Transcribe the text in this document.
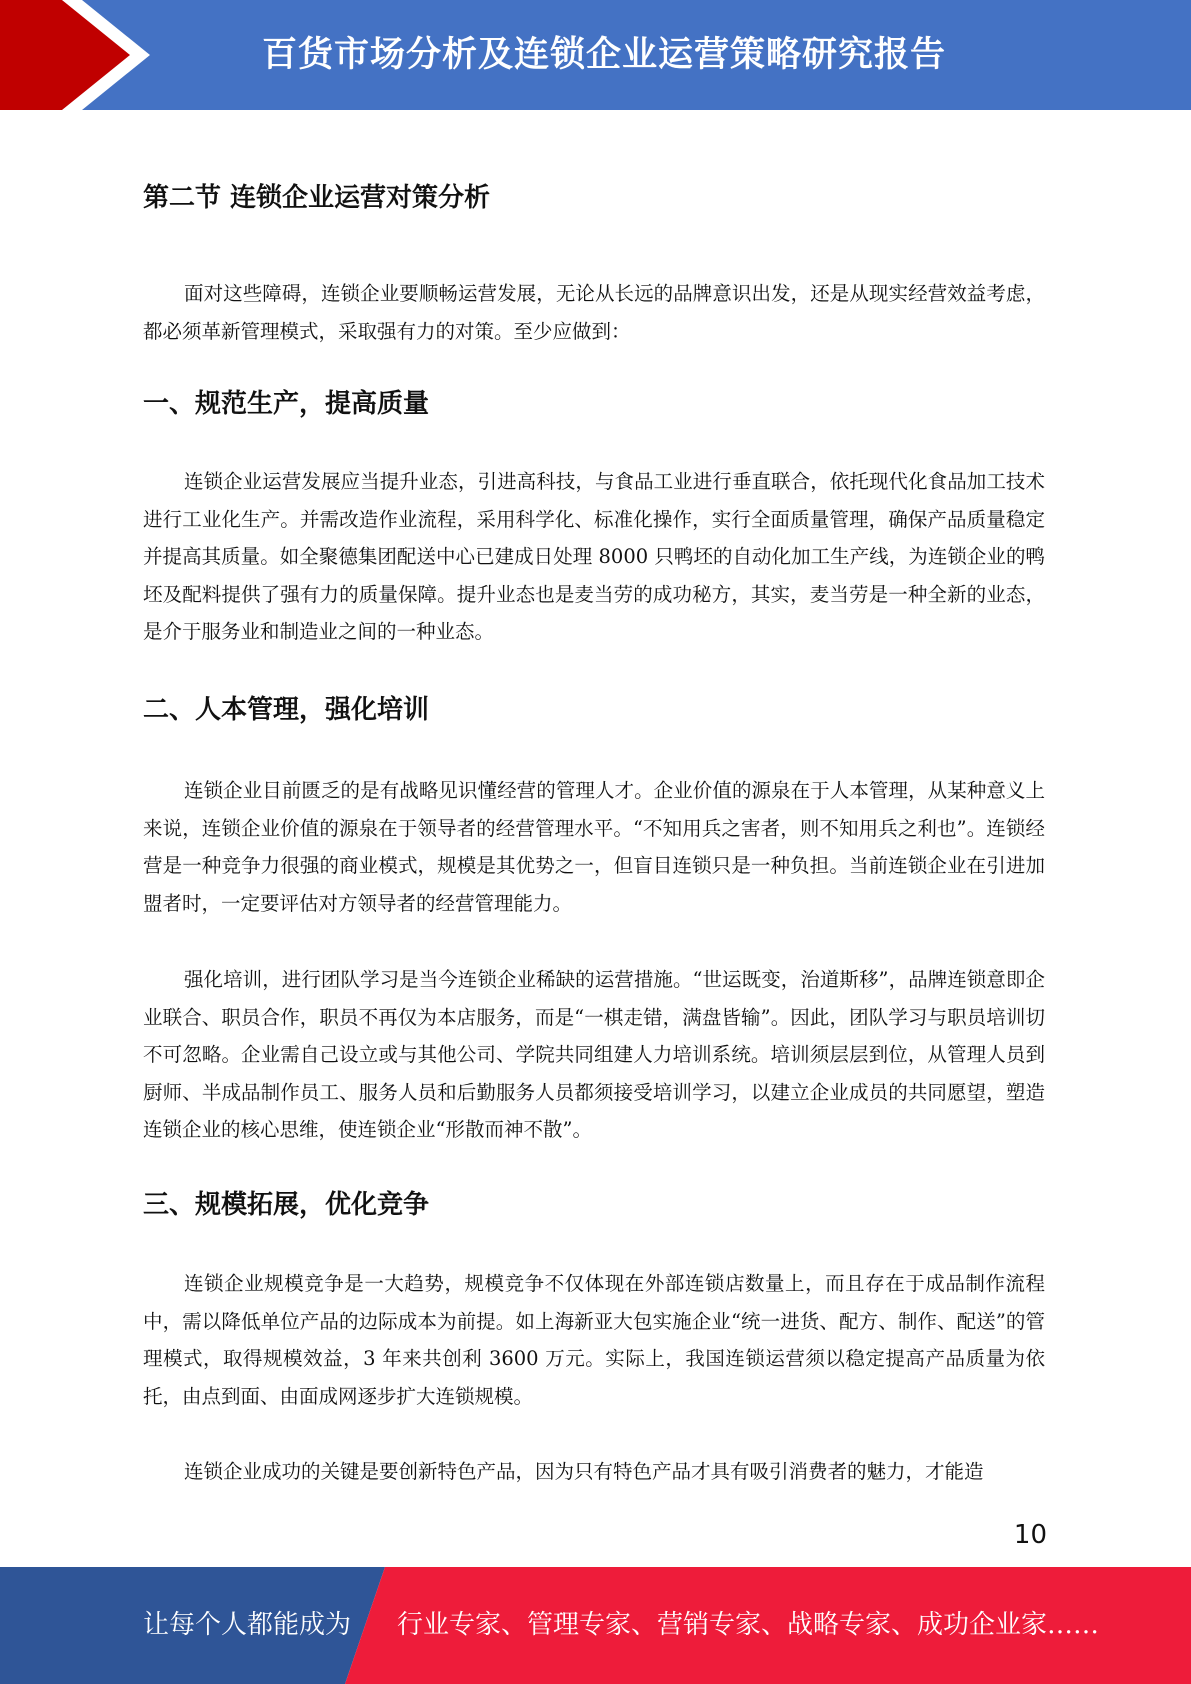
百货市场分析及连锁企业运营策略研究报告
第二节 连锁企业运营对策分析

面对这些障碍，连锁企业要顺畅运营发展，无论从长远的品牌意识出发，还是从现实经营效益考虑，都必须革新管理模式，采取强有力的对策。至少应做到：

一、规范生产，提高质量

连锁企业运营发展应当提升业态，引进高科技，与食品工业进行垂直联合，依托现代化食品加工技术进行工业化生产。并需改造作业流程，采用科学化、标准化操作，实行全面质量管理，确保产品质量稳定并提高其质量。如全聚德集团配送中心已建成日处理 8000 只鸭坯的自动化加工生产线，为连锁企业的鸭坯及配料提供了强有力的质量保障。提升业态也是麦当劳的成功秘方，其实，麦当劳是一种全新的业态，是介于服务业和制造业之间的一种业态。

二、人本管理，强化培训

连锁企业目前匮乏的是有战略见识懂经营的管理人才。企业价值的源泉在于人本管理，从某种意义上来说，连锁企业价值的源泉在于领导者的经营管理水平。“不知用兵之害者，则不知用兵之利也”。连锁经营是一种竞争力很强的商业模式，规模是其优势之一，但盲目连锁只是一种负担。当前连锁企业在引进加盟者时，一定要评估对方领导者的经营管理能力。

强化培训，进行团队学习是当今连锁企业稀缺的运营措施。“世运既变，治道斯移”，品牌连锁意即企业联合、职员合作，职员不再仅为本店服务，而是“一棋走错，满盘皆输”。因此，团队学习与职员培训切不可忽略。企业需自己设立或与其他公司、学院共同组建人力培训系统。培训须层层到位，从管理人员到厨师、半成品制作员工、服务人员和后勤服务人员都须接受培训学习，以建立企业成员的共同愿望，塑造连锁企业的核心思维，使连锁企业“形散而神不散”。

三、规模拓展，优化竞争

连锁企业规模竞争是一大趋势，规模竞争不仅体现在外部连锁店数量上，而且存在于成品制作流程中，需以降低单位产品的边际成本为前提。如上海新亚大包实施企业“统一进货、配方、制作、配送”的管理模式，取得规模效益，3 年来共创利 3600 万元。实际上，我国连锁运营须以稳定提高产品质量为依托，由点到面、由面成网逐步扩大连锁规模。

连锁企业成功的关键是要创新特色产品，因为只有特色产品才具有吸引消费者的魅力，才能造

10
让每个人都能成为 行业专家、管理专家、营销专家、战略专家、成功企业家……
